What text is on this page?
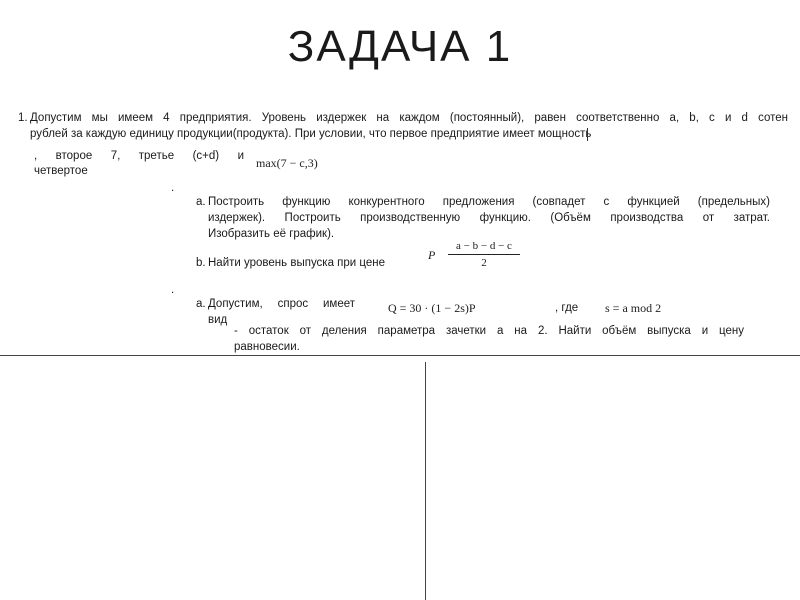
ЗАДАЧА 1
1. Допустим мы имеем 4 предприятия. Уровень издержек на каждом (постоянный), равен соответственно a, b, c и d сотен
рублей за каждую единицу продукции(продукта). При условии, что первое предприятие имеет мощность
, второе 7, третье (c+d) и
четвертое
max(7 − c,3)
.
a. Построить функцию конкурентного предложения (совпадет с функцией (предельных)
издержек). Построить производственную функцию. (Объём производства от затрат.
Изобразить её график).
b. Найти уровень выпуска при цене
P
a − b − d − c
2
.
a. Допустим, спрос имеет
вид
Q = 30 · (1 − 2s)P	, где s = a mod 2
- остаток от деления параметра зачетки a на 2. Найти объём выпуска и цену
равновесии.
